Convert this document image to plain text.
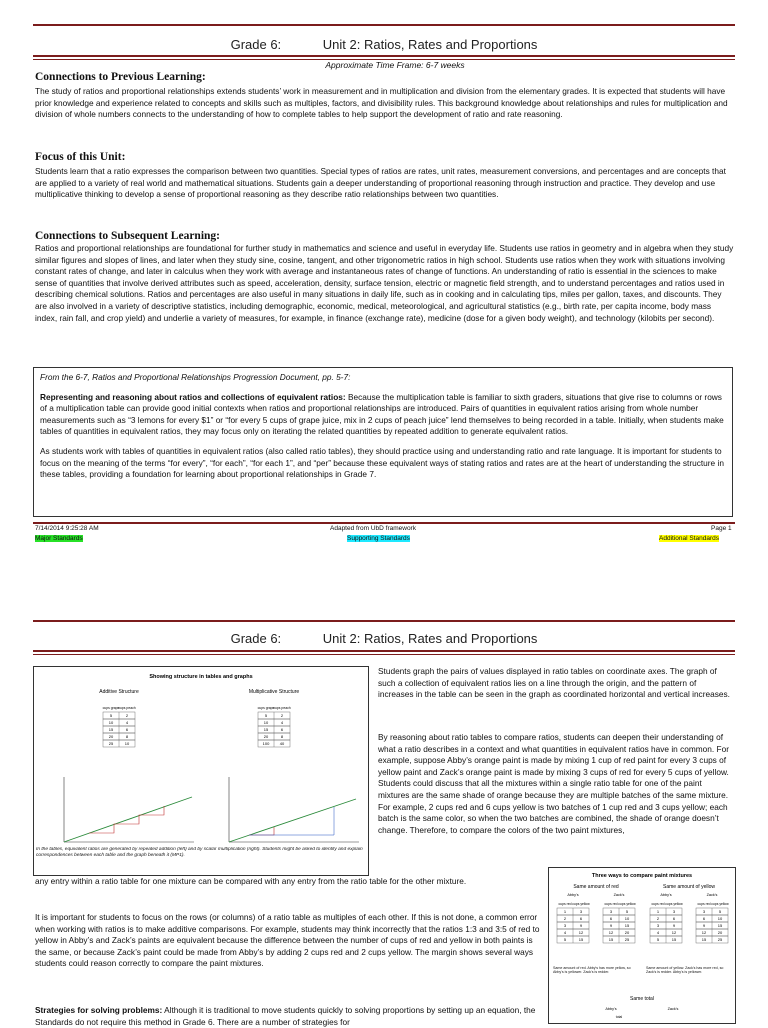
Grade 6:	Unit 2: Ratios, Rates and Proportions
Approximate Time Frame: 6-7 weeks
Connections to Previous Learning:

The study of ratios and proportional relationships extends students’ work in measurement and in multiplication and division from the elementary grades. It is expected that students will have prior knowledge and experience related to concepts and skills such as multiples, factors, and divisibility rules. This background knowledge about relationships and rules for multiplication and division of whole numbers connects to the understanding of how to complete tables to help support the development of ratio and rate reasoning.

Focus of this Unit:

Students learn that a ratio expresses the comparison between two quantities. Special types of ratios are rates, unit rates, measurement conversions, and percentages and are concepts that are applied to a variety of real world and mathematical situations. Students gain a deeper understanding of proportional reasoning through instruction and practice. They develop and use multiplicative thinking to develop a sense of proportional reasoning as they describe ratio relationships between two quantities.

Connections to Subsequent Learning:

Ratios and proportional relationships are foundational for further study in mathematics and science and useful in everyday life. Students use ratios in geometry and in algebra when they study similar figures and slopes of lines, and later when they study sine, cosine, tangent, and other trigonometric ratios in high school. Students use ratios when they work with situations involving constant rates of change, and later in calculus when they work with average and instantaneous rates of change of functions. An understanding of ratio is essential in the sciences to make sense of quantities that involve derived attributes such as speed, acceleration, density, surface tension, electric or magnetic field strength, and to understand percentages and ratios used in describing chemical solutions. Ratios and percentages are also useful in many situations in daily life, such as in cooking and in calculating tips, miles per gallon, taxes, and discounts. They are also involved in a variety of descriptive statistics, including demographic, economic, medical, meteorological, and agricultural statistics (e.g., birth rate, per capita income, body mass index, rain fall, and crop yield) and underlie a variety of measures, for example, in finance (exchange rate), medicine (dose for a given body weight), and technology (kilobits per second).

From the 6-7, Ratios and Proportional Relationships Progression Document, pp. 5-7:

Representing and reasoning about ratios and collections of equivalent ratios: Because the multiplication table is familiar to sixth graders, situations that give rise to columns or rows of a multiplication table can provide good initial contexts when ratios and proportional relationships are introduced. Pairs of quantities in equivalent ratios arising from whole number measurements such as “3 lemons for every $1” or “for every 5 cups of grape juice, mix in 2 cups of peach juice” lend themselves to being recorded in a table. Initially, when students make tables of quantities in equivalent ratios, they may focus only on iterating the related quantities by repeated addition to generate equivalent ratios.

As students work with tables of quantities in equivalent ratios (also called ratio tables), they should practice using and understanding ratio and rate language. It is important for students to focus on the meaning of the terms “for every”, “for each”, “for each 1”, and “per” because these equivalent ways of stating ratios and rates are at the heart of understanding the structure in these tables, providing a foundation for learning about proportional relationships in Grade 7.

7/14/2014 9:25:28 AM	Adapted from UbD framework	Page 1
Major Standards	Supporting Standards	Additional Standards
Grade 6:	Unit 2: Ratios, Rates and Proportions
Showing structure in tables and graphs
Additive Structure	Multiplicative Structure
cups grape
cups peach
5	2
10	4
15	6
20	8
25	10
cups grape
cups peach
5	2
10	4
15	6
20	8
100	40
In the tables, equivalent ratios are generated by repeated addition (left) and by scalar multiplication (right). Students might be asked to identify and explain correspondences between each table and the graph beneath it (MP1).

Students graph the pairs of values displayed in ratio tables on coordinate axes. The graph of such a collection of equivalent ratios lies on a line through the origin, and the pattern of increases in the table can be seen in the graph as coordinated horizontal and vertical increases.

By reasoning about ratio tables to compare ratios, students can deepen their understanding of what a ratio describes in a context and what quantities in equivalent ratios have in common. For example, suppose Abby’s orange paint is made by mixing 1 cup of red paint for every 3 cups of yellow paint and Zack’s orange paint is made by mixing 3 cups of red for every 5 cups of yellow. Students could discuss that all the mixtures within a single ratio table for one of the paint mixtures are the same shade of orange because they are multiple batches of the same mixture. For example, 2 cups red and 6 cups yellow is two batches of 1 cup red and 3 cups yellow; each batch is the same color, so when the two batches are combined, the shade of orange doesn’t change. Therefore, to compare the colors of the two paint mixtures,

any entry within a ratio table for one mixture can be compared with any entry from the ratio table for the other mixture.

It is important for students to focus on the rows (or columns) of a ratio table as multiples of each other. If this is not done, a common error when working with ratios is to make additive comparisons. For example, students may think incorrectly that the ratios 1:3 and 3:5 of red to yellow in Abby’s and Zack’s paints are equivalent because the difference between the number of cups of red and yellow in both paints is the same, or because Zack’s paint could be made from Abby’s by adding 2 cups red and 2 cups yellow. The margin shows several ways students could reason correctly to compare the paint mixtures.

Strategies for solving problems: Although it is traditional to move students quickly to solving proportions by setting up an equation, the Standards do not require this method in Grade 6. There are a number of strategies for

Three ways to compare paint mixtures
Same amount of red	Same amount of yellow
Abby's	Zack's	Abby's	Zack's
cups red cups yellow
1	3
2	6
3	9
4	12
5	15
cups red cups yellow
3	5
6	10
9	15
12	20
15	25
cups red cups yellow
1	3
2	6
3	9
4	12
5	15
cups red cups yellow
3	5
6	10
9	15
12	20
15	25
Same amount of red. Abby's has more yellow, so Abby's is yellower. Zack's is redder.
Same amount of yellow. Zack's has more red, so Zack's is redder. Abby's is yellower.
Same total
Abby's	Zack's
total
